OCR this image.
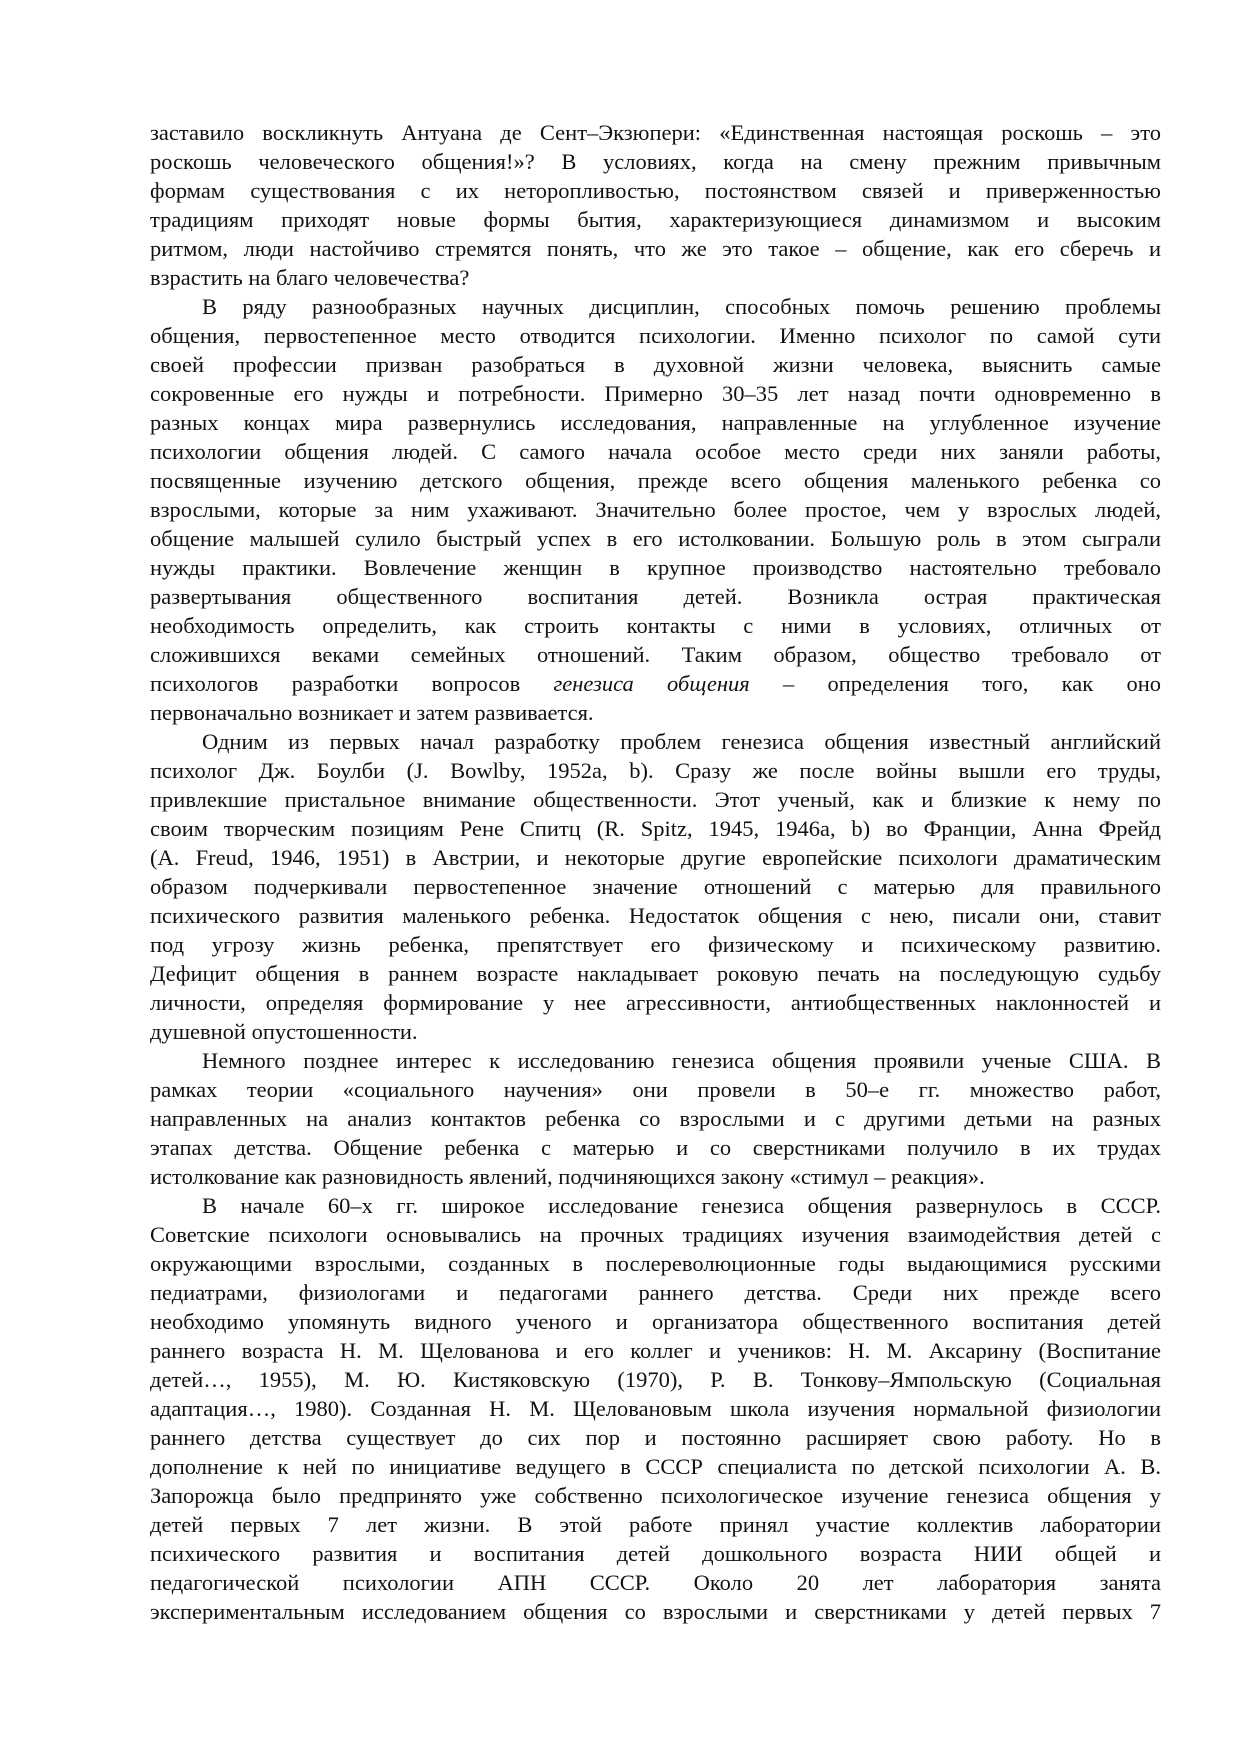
заставило воскликнуть Антуана де Сент–Экзюпери: «Единственная настоящая роскошь – это
роскошь человеческого общения!»? В условиях, когда на смену прежним привычным
формам существования с их неторопливостью, постоянством связей и приверженностью
традициям приходят новые формы бытия, характеризующиеся динамизмом и высоким
ритмом, люди настойчиво стремятся понять, что же это такое – общение, как его сберечь и
взрастить на благо человечества?
В ряду разнообразных научных дисциплин, способных помочь решению проблемы
общения, первостепенное место отводится психологии. Именно психолог по самой сути
своей профессии призван разобраться в духовной жизни человека, выяснить самые
сокровенные его нужды и потребности. Примерно 30–35 лет назад почти одновременно в
разных концах мира развернулись исследования, направленные на углубленное изучение
психологии общения людей. С самого начала особое место среди них заняли работы,
посвященные изучению детского общения, прежде всего общения маленького ребенка со
взрослыми, которые за ним ухаживают. Значительно более простое, чем у взрослых людей,
общение малышей сулило быстрый успех в его истолковании. Большую роль в этом сыграли
нужды практики. Вовлечение женщин в крупное производство настоятельно требовало
развертывания общественного воспитания детей. Возникла острая практическая
необходимость определить, как строить контакты с ними в условиях, отличных от
сложившихся веками семейных отношений. Таким образом, общество требовало от
психологов разработки вопросов генезиса общения – определения того, как оно
первоначально возникает и затем развивается.
Одним из первых начал разработку проблем генезиса общения известный английский
психолог Дж. Боулби (J. Bowlby, 1952a, b). Сразу же после войны вышли его труды,
привлекшие пристальное внимание общественности. Этот ученый, как и близкие к нему по
своим творческим позициям Рене Спитц (R. Spitz, 1945, 1946a, b) во Франции, Анна Фрейд
(A. Freud, 1946, 1951) в Австрии, и некоторые другие европейские психологи драматическим
образом подчеркивали первостепенное значение отношений с матерью для правильного
психического развития маленького ребенка. Недостаток общения с нею, писали они, ставит
под угрозу жизнь ребенка, препятствует его физическому и психическому развитию.
Дефицит общения в раннем возрасте накладывает роковую печать на последующую судьбу
личности, определяя формирование у нее агрессивности, антиобщественных наклонностей и
душевной опустошенности.
Немного позднее интерес к исследованию генезиса общения проявили ученые США. В
рамках теории «социального научения» они провели в 50–е гг. множество работ,
направленных на анализ контактов ребенка со взрослыми и с другими детьми на разных
этапах детства. Общение ребенка с матерью и со сверстниками получило в их трудах
истолкование как разновидность явлений, подчиняющихся закону «стимул – реакция».
В начале 60–х гг. широкое исследование генезиса общения развернулось в СССР.
Советские психологи основывались на прочных традициях изучения взаимодействия детей с
окружающими взрослыми, созданных в послереволюционные годы выдающимися русскими
педиатрами, физиологами и педагогами раннего детства. Среди них прежде всего
необходимо упомянуть видного ученого и организатора общественного воспитания детей
раннего возраста Н. М. Щелованова и его коллег и учеников: Н. М. Аксарину (Воспитание
детей…, 1955), М. Ю. Кистяковскую (1970), Р. В. Тонкову–Ямпольскую (Социальная
адаптация…, 1980). Созданная Н. М. Щеловановым школа изучения нормальной физиологии
раннего детства существует до сих пор и постоянно расширяет свою работу. Но в
дополнение к ней по инициативе ведущего в СССР специалиста по детской психологии А. В.
Запорожца было предпринято уже собственно психологическое изучение генезиса общения у
детей первых 7 лет жизни. В этой работе принял участие коллектив лаборатории
психического развития и воспитания детей дошкольного возраста НИИ общей и
педагогической психологии АПН СССР. Около 20 лет лаборатория занята
экспериментальным исследованием общения со взрослыми и сверстниками у детей первых 7
